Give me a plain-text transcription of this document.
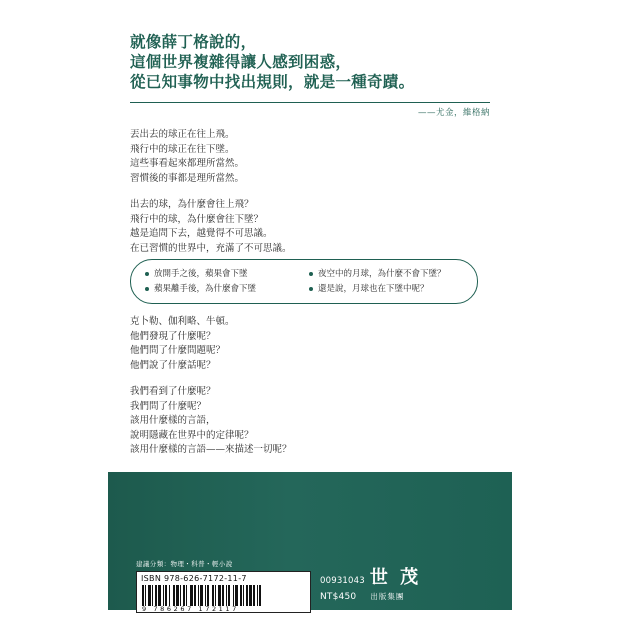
就像薛丁格說的，
這個世界複雜得讓人感到困惑，
從已知事物中找出規則，就是一種奇蹟。
——尤金，維格納
丟出去的球正在往上飛。
飛行中的球正在往下墜。
這些事看起來都理所當然。
習慣後的事都是理所當然。
出去的球，為什麼會往上飛？
飛行中的球，為什麼會往下墜？
越是追問下去，越覺得不可思議。
在已習慣的世界中，充滿了不可思議。
放開手之後，蘋果會下墜
蘋果離手後，為什麼會下墜
夜空中的月球，為什麼不會下墜？
還是說，月球也在下墜中呢？
克卜勒、伽利略、牛頓。
他們發現了什麼呢？
他們問了什麼問題呢？
他們說了什麼話呢？
我們看到了什麼呢？
我們問了什麼呢？
該用什麼樣的言語，
說明隱藏在世界中的定律呢？
該用什麼樣的言語——來描述一切呢？
建議分類：物理・科普・輕小說
ISBN 978-626-7172-11-7
9 786267 172117
00931043 世 茂
NT$450 出版集團
